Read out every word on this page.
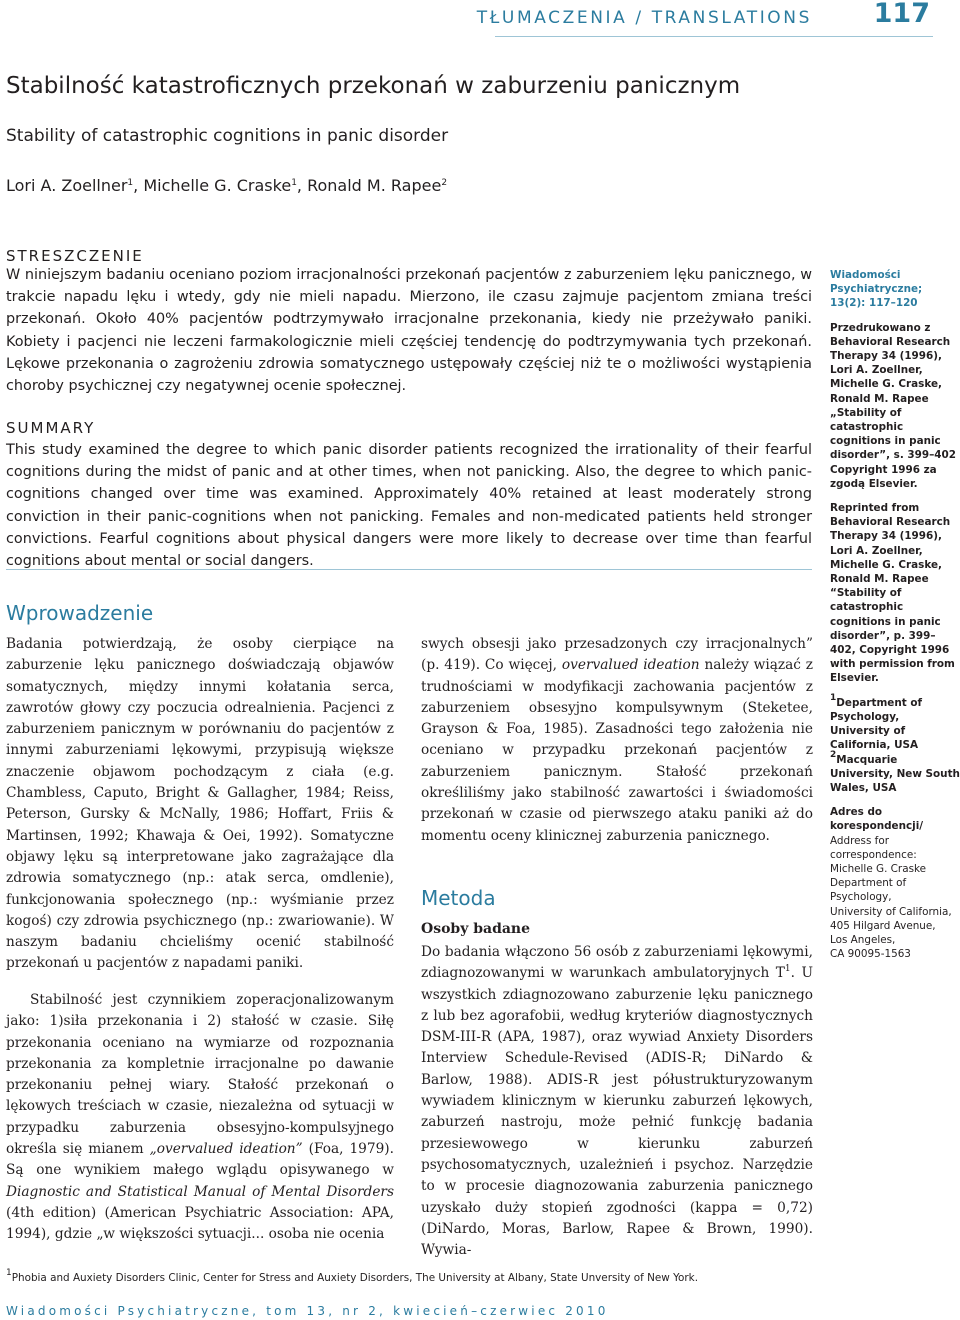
TŁUMACZENIA / TRANSLATIONS 117
Stabilność katastroficznych przekonań w zaburzeniu panicznym
Stability of catastrophic cognitions in panic disorder
Lori A. Zoellner$^1$, Michelle G. Craske$^1$, Ronald M. Rapee$^2$
STRESZCZENIE
W niniejszym badaniu oceniano poziom irracjonalności przekonań pacjentów z zaburzeniem lęku panicznego, w trakcie napadu lęku i wtedy, gdy nie mieli napadu. Mierzono, ile czasu zajmuje pacjentom zmiana treści przekonań. Około 40% pacjentów podtrzymywało irracjonalne przekonania, kiedy nie przeżywało paniki. Kobiety i pacjenci nie leczeni farmakologicznie mieli częściej tendencję do podtrzymywania tych przekonań. Lękowe przekonania o zagrożeniu zdrowia somatycznego ustępowały częściej niż te o możliwości wystąpienia choroby psychicznej czy negatywnej ocenie społecznej.
SUMMARY
This study examined the degree to which panic disorder patients recognized the irrationality of their fearful cognitions during the midst of panic and at other times, when not panicking. Also, the degree to which panic-cognitions changed over time was examined. Approximately 40% retained at least moderately strong conviction in their panic-cognitions when not panicking. Females and non-medicated patients held stronger convictions. Fearful cognitions about physical dangers were more likely to decrease over time than fearful cognitions about mental or social dangers.
Wprowadzenie
Badania potwierdzają, że osoby cierpiące na zaburzenie lęku panicznego doświadczają objawów somatycznych, między innymi kołatania serca, zawrotów głowy czy poczucia odrealnienia. Pacjenci z zaburzeniem panicznym w porównaniu do pacjentów z innymi zaburzeniami lękowymi, przypisują większe znaczenie objawom pochodzącym z ciała (e.g. Chambless, Caputo, Bright & Gallagher, 1984; Reiss, Peterson, Gursky & McNally, 1986; Hoffart, Friis & Martinsen, 1992; Khawaja & Oei, 1992). Somatyczne objawy lęku są interpretowane jako zagrażające dla zdrowia somatycznego (np.: atak serca, omdlenie), funkcjonowania społecznego (np.: wyśmianie przez kogoś) czy zdrowia psychicznego (np.: zwariowanie). W naszym badaniu chcieliśmy ocenić stabilność przekonań u pacjentów z napadami paniki.
Stabilność jest czynnikiem zoperacjonalizowanym jako: 1)siła przekonania i 2) stałość w czasie. Siłę przekonania oceniano na wymiarze od rozpoznania przekonania za kompletnie irracjonalne po dawanie przekonaniu pełnej wiary. Stałość przekonań o lękowych treściach w czasie, niezależna od sytuacji w przypadku zaburzenia obsesyjno-kompulsyjnego określa się mianem „overvalued ideation” (Foa, 1979). Są one wynikiem małego wglądu opisywanego w Diagnostic and Statistical Manual of Mental Disorders (4th edition) (American Psychiatric Association: APA, 1994), gdzie „w większości sytuacji... osoba nie ocenia
swych obsesji jako przesadzonych czy irracjonalnych” (p. 419). Co więcej, overvalued ideation należy wiązać z trudnościami w modyfikacji zachowania pacjentów z zaburzeniem obsesyjno kompulsywnym (Steketee, Grayson & Foa, 1985). Zasadności tego założenia nie oceniano w przypadku przekonań pacjentów z zaburzeniem panicznym. Stałość przekonań określiliśmy jako stabilność zawartości i świadomości przekonań w czasie od pierwszego ataku paniki aż do momentu oceny klinicznej zaburzenia panicznego.
Metoda
Osoby badane
Do badania włączono 56 osób z zaburzeniami lękowymi, zdiagnozowanymi w warunkach ambulatoryjnych $T^1$. U wszystkich zdiagnozowano zaburzenie lęku panicznego z lub bez agorafobii, według kryteriów diagnostycznych DSM-III-R (APA, 1987), oraz wywiad Anxiety Disorders Interview Schedule-Revised (ADIS-R; DiNardo & Barlow, 1988). ADIS-R jest półustrukturyzowanym wywiadem klinicznym w kierunku zaburzeń lękowych, zaburzeń nastroju, może pełnić funkcję badania przesiewowego w kierunku zaburzeń psychosomatycznych, uzależnień i psychoz. Narzędzie to w procesie diagnozowania zaburzenia panicznego uzyskało duży stopień zgodności (kappa = 0,72) (DiNardo, Moras, Barlow, Rapee & Brown, 1990). Wywia-
Wiadomości Psychiatryczne;
13(2): 117–120
Przedrukowano z Behavioral Research Therapy 34 (1996), Lori A. Zoellner, Michelle G. Craske, Ronald M. Rapee „Stability of catastrophic cognitions in panic disorder”, s. 399–402 Copyright 1996 za zgodą Elsevier.
Reprinted from Behavioral Research Therapy 34 (1996), Lori A. Zoellner, Michelle G. Craske, Ronald M. Rapee “Stability of catastrophic cognitions in panic disorder”, p. 399–402, Copyright 1996 with permission from Elsevier.
$^1$Department of Psychology, University of California, USA
$^2$Macquarie University, New South Wales, USA
Adres do korespondencji/
Address for correspondence:
Michelle G. Craske
Department of Psychology,
University of California,
405 Hilgard Avenue,
Los Angeles,
CA 90095-1563
$^1$Phobia and Auxiety Disorders Clinic, Center for Stress and Auxiety Disorders, The University at Albany, State Unversity of New York.
Wiadomości Psychiatryczne, tom 13, nr 2, kwiecień–czerwiec 2010
